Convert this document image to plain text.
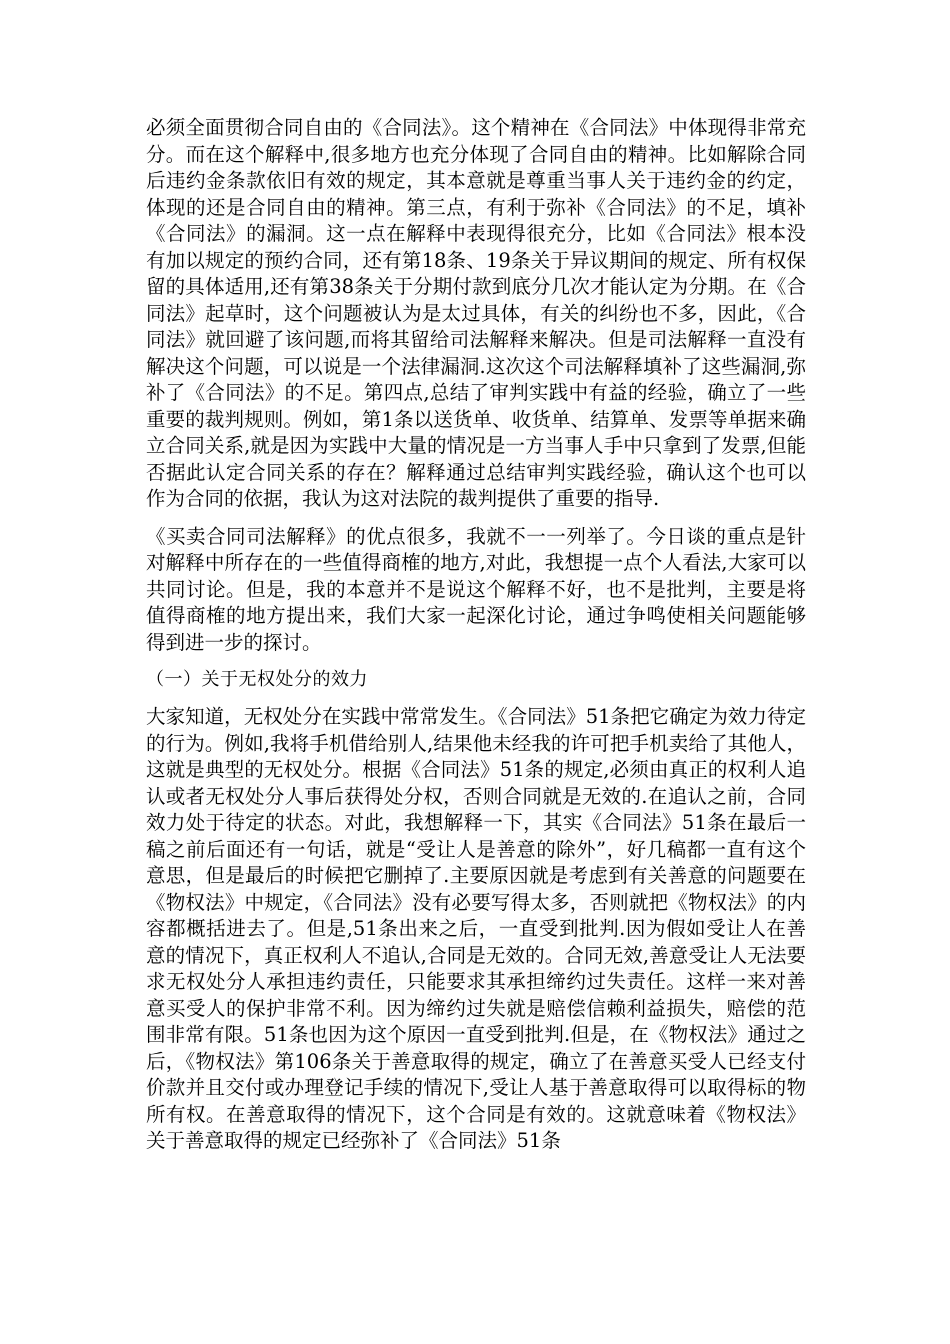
必须全面贯彻合同自由的《合同法》。这个精神在《合同法》中体现得非常充分。而在这个解释中,很多地方也充分体现了合同自由的精神。比如解除合同后违约金条款依旧有效的规定，其本意就是尊重当事人关于违约金的约定，体现的还是合同自由的精神。第三点，有利于弥补《合同法》的不足，填补《合同法》的漏洞。这一点在解释中表现得很充分，比如《合同法》根本没有加以规定的预约合同，还有第18条、19条关于异议期间的规定、所有权保留的具体适用,还有第38条关于分期付款到底分几次才能认定为分期。在《合同法》起草时，这个问题被认为是太过具体，有关的纠纷也不多，因此，《合同法》就回避了该问题,而将其留给司法解释来解决。但是司法解释一直没有解决这个问题，可以说是一个法律漏洞.这次这个司法解释填补了这些漏洞,弥补了《合同法》的不足。第四点,总结了审判实践中有益的经验，确立了一些重要的裁判规则。例如，第1条以送货单、收货单、结算单、发票等单据来确立合同关系,就是因为实践中大量的情况是一方当事人手中只拿到了发票,但能否据此认定合同关系的存在？解释通过总结审判实践经验，确认这个也可以作为合同的依据，我认为这对法院的裁判提供了重要的指导.

《买卖合同司法解释》的优点很多，我就不一一列举了。今日谈的重点是针对解释中所存在的一些值得商榷的地方,对此，我想提一点个人看法,大家可以共同讨论。但是，我的本意并不是说这个解释不好，也不是批判，主要是将值得商榷的地方提出来，我们大家一起深化讨论，通过争鸣使相关问题能够得到进一步的探讨。

（一）关于无权处分的效力

大家知道，无权处分在实践中常常发生。《合同法》51条把它确定为效力待定的行为。例如,我将手机借给别人,结果他未经我的许可把手机卖给了其他人，这就是典型的无权处分。根据《合同法》51条的规定,必须由真正的权利人追认或者无权处分人事后获得处分权，否则合同就是无效的.在追认之前，合同效力处于待定的状态。对此，我想解释一下，其实《合同法》51条在最后一稿之前后面还有一句话，就是“受让人是善意的除外”，好几稿都一直有这个意思，但是最后的时候把它删掉了.主要原因就是考虑到有关善意的问题要在《物权法》中规定，《合同法》没有必要写得太多，否则就把《物权法》的内容都概括进去了。但是,51条出来之后，一直受到批判.因为假如受让人在善意的情况下，真正权利人不追认,合同是无效的。合同无效,善意受让人无法要求无权处分人承担违约责任，只能要求其承担缔约过失责任。这样一来对善意买受人的保护非常不利。因为缔约过失就是赔偿信赖利益损失，赔偿的范围非常有限。51条也因为这个原因一直受到批判.但是，在《物权法》通过之后，《物权法》第106条关于善意取得的规定，确立了在善意买受人已经支付价款并且交付或办理登记手续的情况下,受让人基于善意取得可以取得标的物所有权。在善意取得的情况下，这个合同是有效的。这就意味着《物权法》关于善意取得的规定已经弥补了《合同法》51条
